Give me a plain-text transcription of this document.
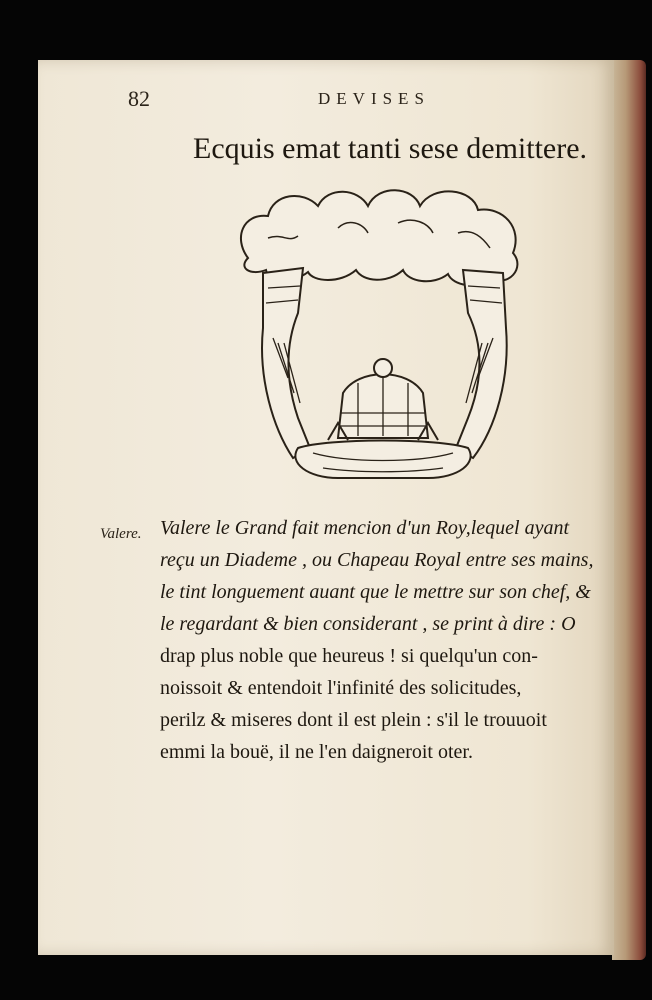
82	DEVISES
Ecquis emat tanti sese demittere.
Valere. Valere le Grand fait mencion d'un Roy,lequel ayant
reçu un Diademe , ou Chapeau Royal entre ses mains,
le tint longuement auant que le mettre sur son chef, &
le regardant & bien considerant , se print à dire : O
drap plus noble que heureus ! si quelqu'un con-
noissoit & entendoit l'infinité des solicitudes,
perilz & miseres dont il est plein : s'il le trouuoit
emmi la bouë, il ne l'en daigneroit oter.
